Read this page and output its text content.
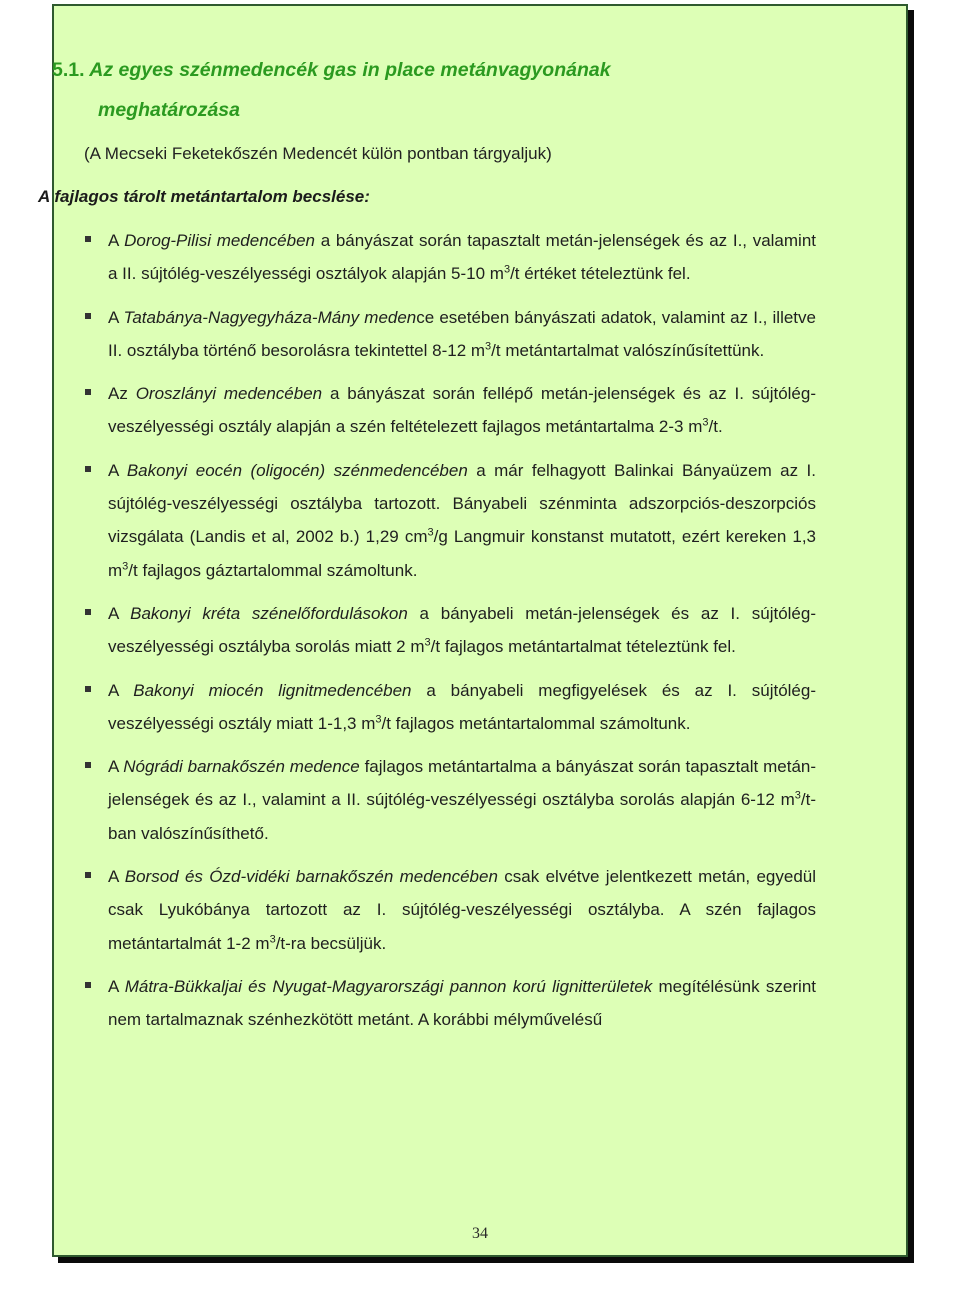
5.1. Az egyes szénmedencék gas in place metánvagyonának
meghatározása
(A Mecseki Feketekőszén Medencét külön pontban tárgyaljuk)
A fajlagos tárolt metántartalom becslése:
A Dorog-Pilisi medencében a bányászat során tapasztalt metán-jelenségek és az I., valamint a II. sújtólég-veszélyességi osztályok alapján 5-10 $m^3/t$ értéket tételeztünk fel.
A Tatabánya-Nagyegyháza-Mány medence esetében bányászati adatok, valamint az I., illetve II. osztályba történő besorolásra tekintettel 8-12 $m^3/t$ metántartalmat valószínűsítettünk.
Az Oroszlányi medencében a bányászat során fellépő metán-jelenségek és az I. sújtólég-veszélyességi osztály alapján a szén feltételezett fajlagos metántartalma 2-3 $m^3/t$.
A Bakonyi eocén (oligocén) szénmedencében a már felhagyott Balinkai Bányaüzem az I. sújtólég-veszélyességi osztályba tartozott. Bányabeli szénminta adszorpciós-deszorpciós vizsgálata (Landis et al, 2002 b.) 1,29 $cm^3/g$ Langmuir konstanst mutatott, ezért kereken 1,3 $m^3/t$ fajlagos gáztartalommal számoltunk.
A Bakonyi kréta szénelőfordulásokon a bányabeli metán-jelenségek és az I. sújtólég-veszélyességi osztályba sorolás miatt 2 $m^3/t$ fajlagos metántartalmat tételeztünk fel.
A Bakonyi miocén lignitmedencében a bányabeli megfigyelések és az I. sújtólég-veszélyességi osztály miatt 1-1,3 $m^3/t$ fajlagos metántartalommal számoltunk.
A Nógrádi barnakőszén medence fajlagos metántartalma a bányászat során tapasztalt metán-jelenségek és az I., valamint a II. sújtólég-veszélyességi osztályba sorolás alapján 6-12 $m^3/t$-ban valószínűsíthető.
A Borsod és Ózd-vidéki barnakőszén medencében csak elvétve jelentkezett metán, egyedül csak Lyukóbánya tartozott az I. sújtólég-veszélyességi osztályba. A szén fajlagos metántartalmát 1-2 $m^3/t-ra$ becsüljük.
A Mátra-Bükkaljai és Nyugat-Magyarországi pannon korú lignitterületek megítélésünk szerint nem tartalmaznak szénhezkötött metánt. A korábbi mélyművelésű
34
